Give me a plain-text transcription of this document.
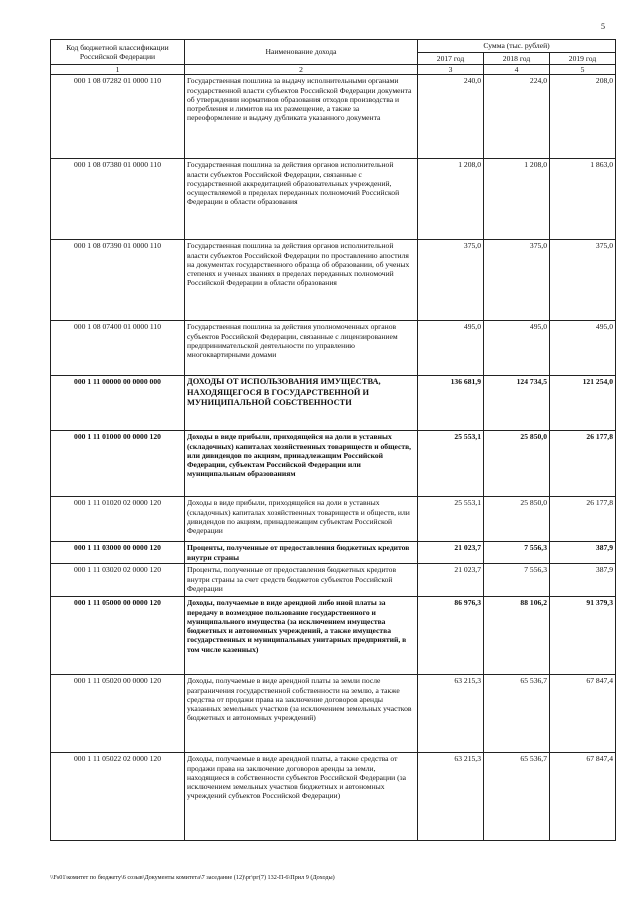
5
Код бюджетной классификации Российской Федерации	Наименование дохода	Сумма (тыс. рублей)		
		2017 год	2018 год	2019 год
1	2	3	4	5
000 1 08 07282 01 0000 110	Государственная пошлина за выдачу исполнительными органами государственной власти субъектов Российской Федерации документа об утверждении нормативов образования отходов производства и потребления и лимитов на их размещение, а также за переоформление и выдачу дубликата указанного документа	240,0	224,0	208,0
000 1 08 07380 01 0000 110	Государственная пошлина за действия органов исполнительной власти субъектов Российской Федерации, связанные с государственной аккредитацией образовательных учреждений, осуществляемой в пределах переданных полномочий Российской Федерации в области образования	1 208,0	1 208,0	1 863,0
000 1 08 07390 01 0000 110	Государственная пошлина за действия органов исполнительной власти субъектов Российской Федерации по проставлению апостиля на документах государственного образца об образовании, об ученых степенях и ученых званиях в пределах переданных полномочий Российской Федерации в области образования	375,0	375,0	375,0
000 1 08 07400 01 0000 110	Государственная пошлина за действия уполномоченных органов субъектов Российской Федерации, связанные с лицензированием предпринимательской деятельности по управлению многоквартирными домами	495,0	495,0	495,0
000 1 11 00000 00 0000 000	ДОХОДЫ ОТ ИСПОЛЬЗОВАНИЯ ИМУЩЕСТВА, НАХОДЯЩЕГОСЯ В ГОСУДАРСТВЕННОЙ И МУНИЦИПАЛЬНОЙ СОБСТВЕННОСТИ	136 681,9	124 734,5	121 254,0
000 1 11 01000 00 0000 120	Доходы в виде прибыли, приходящейся на доли в уставных (складочных) капиталах хозяйственных товариществ и обществ, или дивидендов по акциям, принадлежащим Российской Федерации, субъектам Российской Федерации или муниципальным образованиям	25 553,1	25 850,0	26 177,8
000 1 11 01020 02 0000 120	Доходы в виде прибыли, приходящейся на доли в уставных (складочных) капиталах хозяйственных товариществ и обществ, или дивидендов по акциям, принадлежащим субъектам Российской Федерации	25 553,1	25 850,0	26 177,8
000 1 11 03000 00 0000 120	Проценты, полученные от предоставления бюджетных кредитов внутри страны	21 023,7	7 556,3	387,9
000 1 11 03020 02 0000 120	Проценты, полученные от предоставления бюджетных кредитов внутри страны за счет средств бюджетов субъектов Российской Федерации	21 023,7	7 556,3	387,9
000 1 11 05000 00 0000 120	Доходы, получаемые в виде арендной либо иной платы за передачу в возмездное пользование государственного и муниципального имущества (за исключением имущества бюджетных и автономных учреждений, а также имущества государственных и муниципальных унитарных предприятий, в том числе казенных)	86 976,3	88 106,2	91 379,3
000 1 11 05020 00 0000 120	Доходы, получаемые в виде арендной платы за земли после разграничения государственной собственности на землю, а также средства от продажи права на заключение договоров аренды указанных земельных участков (за исключением земельных участков бюджетных и автономных учреждений)	63 215,3	65 536,7	67 847,4
000 1 11 05022 02 0000 120	Доходы, получаемые в виде арендной платы, а также средства от продажи права на заключение договоров аренды за земли, находящиеся в собственности субъектов Российской Федерации (за исключением земельных участков бюджетных и автономных учреждений субъектов Российской Федерации)	63 215,3	65 536,7	67 847,4
\\Fs01\комитет по бюджету\6 созыв\Документы комитета\7 заседание (12)\рг\рг(7) 132-П-6\Прил 9 (Доходы)
